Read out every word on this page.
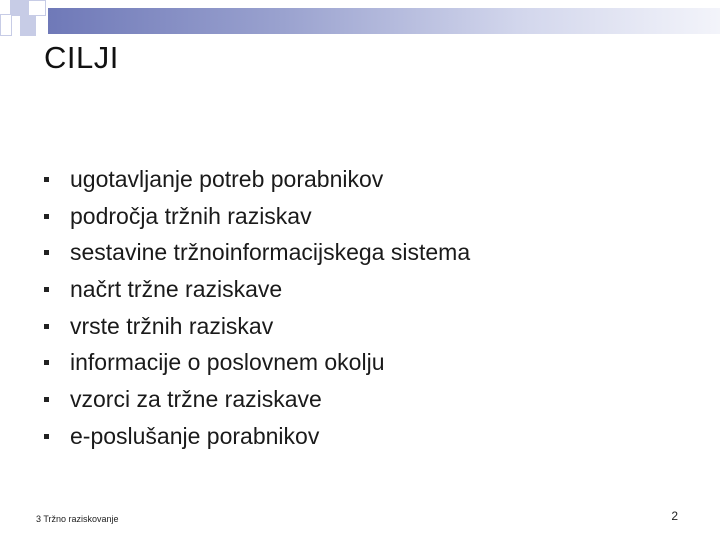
CILJI
ugotavljanje potreb porabnikov
področja tržnih raziskav
sestavine tržnoinformacijskega sistema
načrt tržne raziskave
vrste tržnih raziskav
informacije o poslovnem okolju
vzorci za tržne raziskave
e-poslušanje porabnikov
3 Tržno raziskovanje	2
